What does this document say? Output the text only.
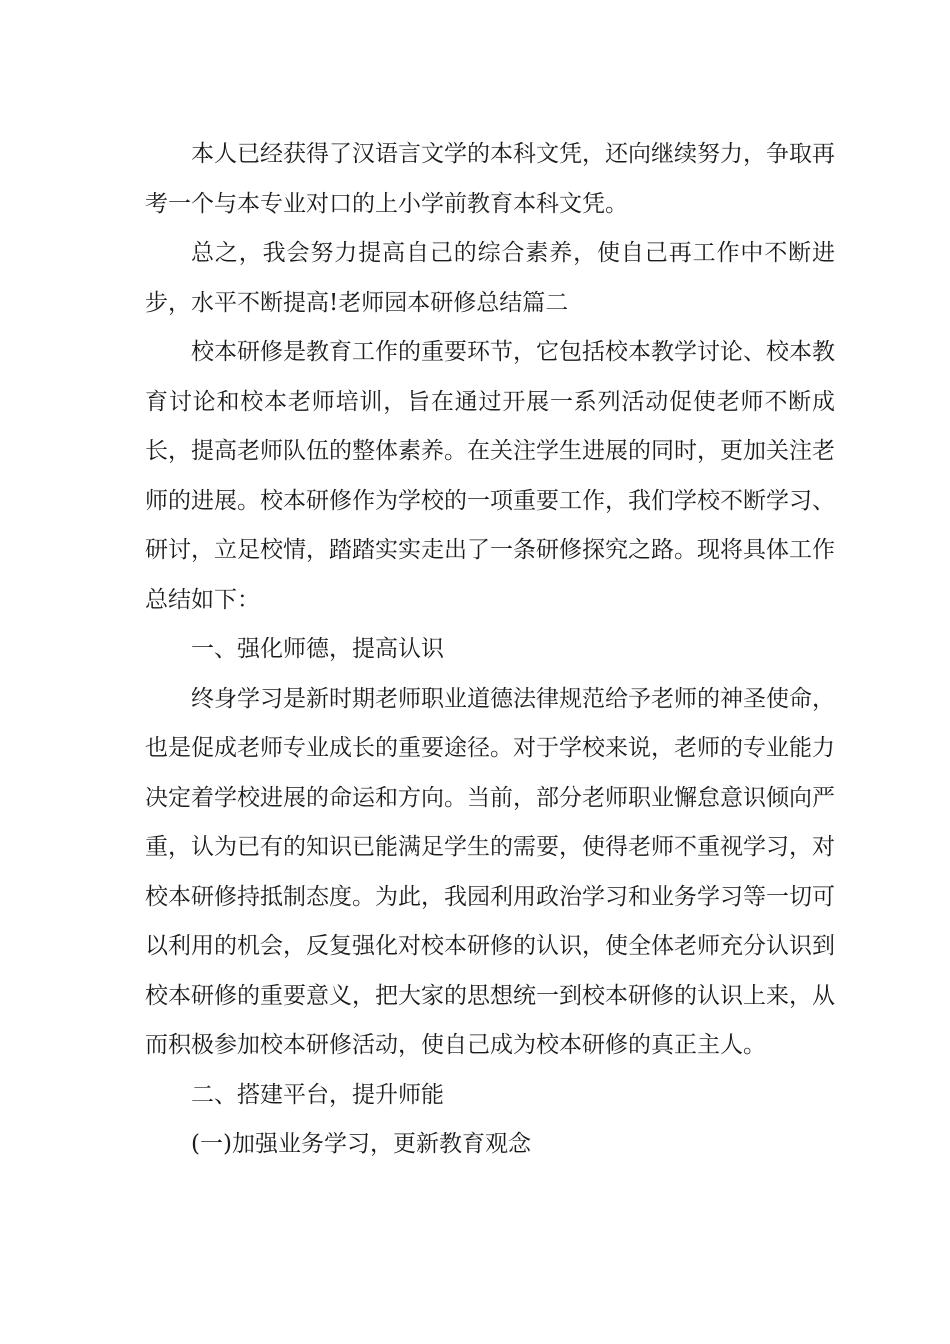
本人已经获得了汉语言文学的本科文凭，还向继续努力，争取再考一个与本专业对口的上小学前教育本科文凭。

总之，我会努力提高自己的综合素养，使自己再工作中不断进步，水平不断提高!老师园本研修总结篇二

校本研修是教育工作的重要环节，它包括校本教学讨论、校本教育讨论和校本老师培训，旨在通过开展一系列活动促使老师不断成长，提高老师队伍的整体素养。在关注学生进展的同时，更加关注老师的进展。校本研修作为学校的一项重要工作，我们学校不断学习、研讨，立足校情，踏踏实实走出了一条研修探究之路。现将具体工作总结如下：

一、强化师德，提高认识

终身学习是新时期老师职业道德法律规范给予老师的神圣使命，也是促成老师专业成长的重要途径。对于学校来说，老师的专业能力决定着学校进展的命运和方向。当前，部分老师职业懈怠意识倾向严重，认为已有的知识已能满足学生的需要，使得老师不重视学习，对校本研修持抵制态度。为此，我园利用政治学习和业务学习等一切可以利用的机会，反复强化对校本研修的认识，使全体老师充分认识到校本研修的重要意义，把大家的思想统一到校本研修的认识上来，从而积极参加校本研修活动，使自己成为校本研修的真正主人。

二、搭建平台，提升师能

(一)加强业务学习，更新教育观念
